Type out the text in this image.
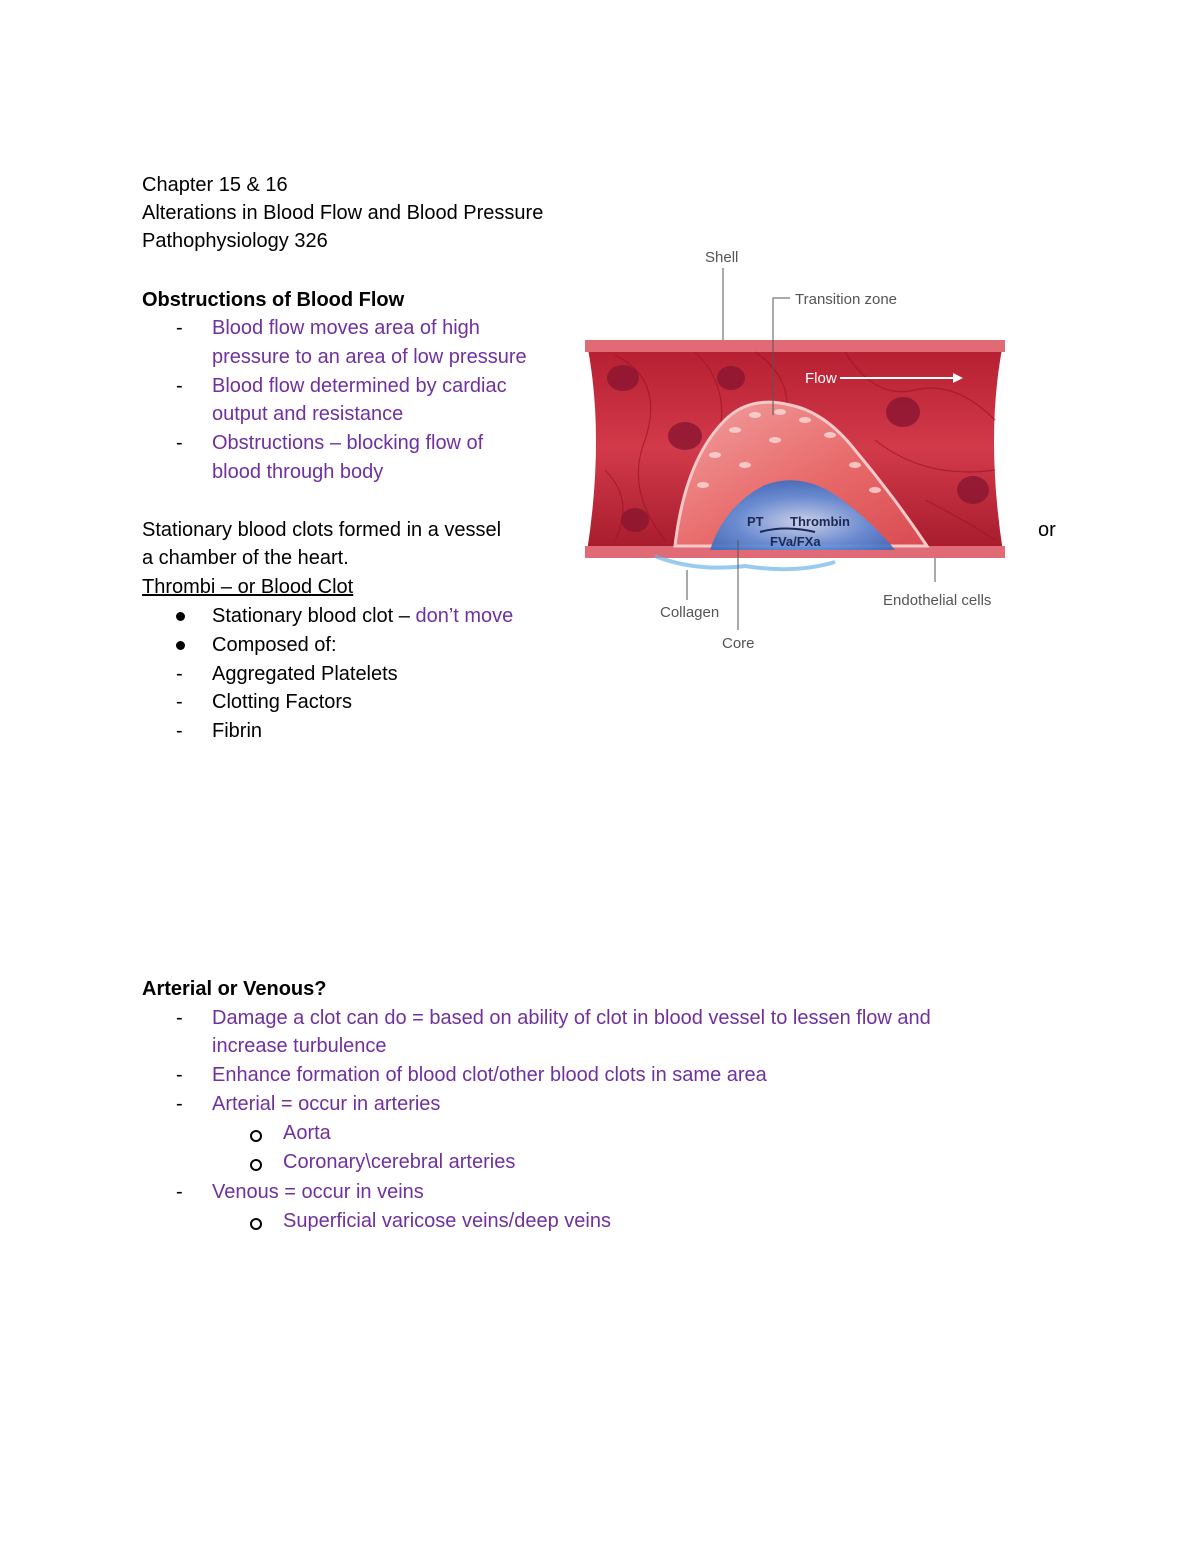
Chapter 15 & 16
Alterations in Blood Flow and Blood Pressure
Pathophysiology 326
Obstructions of Blood Flow
- Blood flow moves area of high
pressure to an area of low pressure
- Blood flow determined by cardiac
output and resistance
- Obstructions – blocking flow of
blood through body
Stationary blood clots formed in a vessel	or
a chamber of the heart.
Thrombi – or Blood Clot
Stationary blood clot – don’t move
Composed of:
- Aggregated Platelets
- Clotting Factors
- Fibrin
Shell
Transition zone
Flow
PT Thrombin
FVa/FXa
Collagen
Core
Endothelial cells
Arterial or Venous?
- Damage a clot can do = based on ability of clot in blood vessel to lessen flow and
increase turbulence
- Enhance formation of blood clot/other blood clots in same area
- Arterial = occur in arteries
Aorta
Coronary\cerebral arteries
- Venous = occur in veins
Superficial varicose veins/deep veins
